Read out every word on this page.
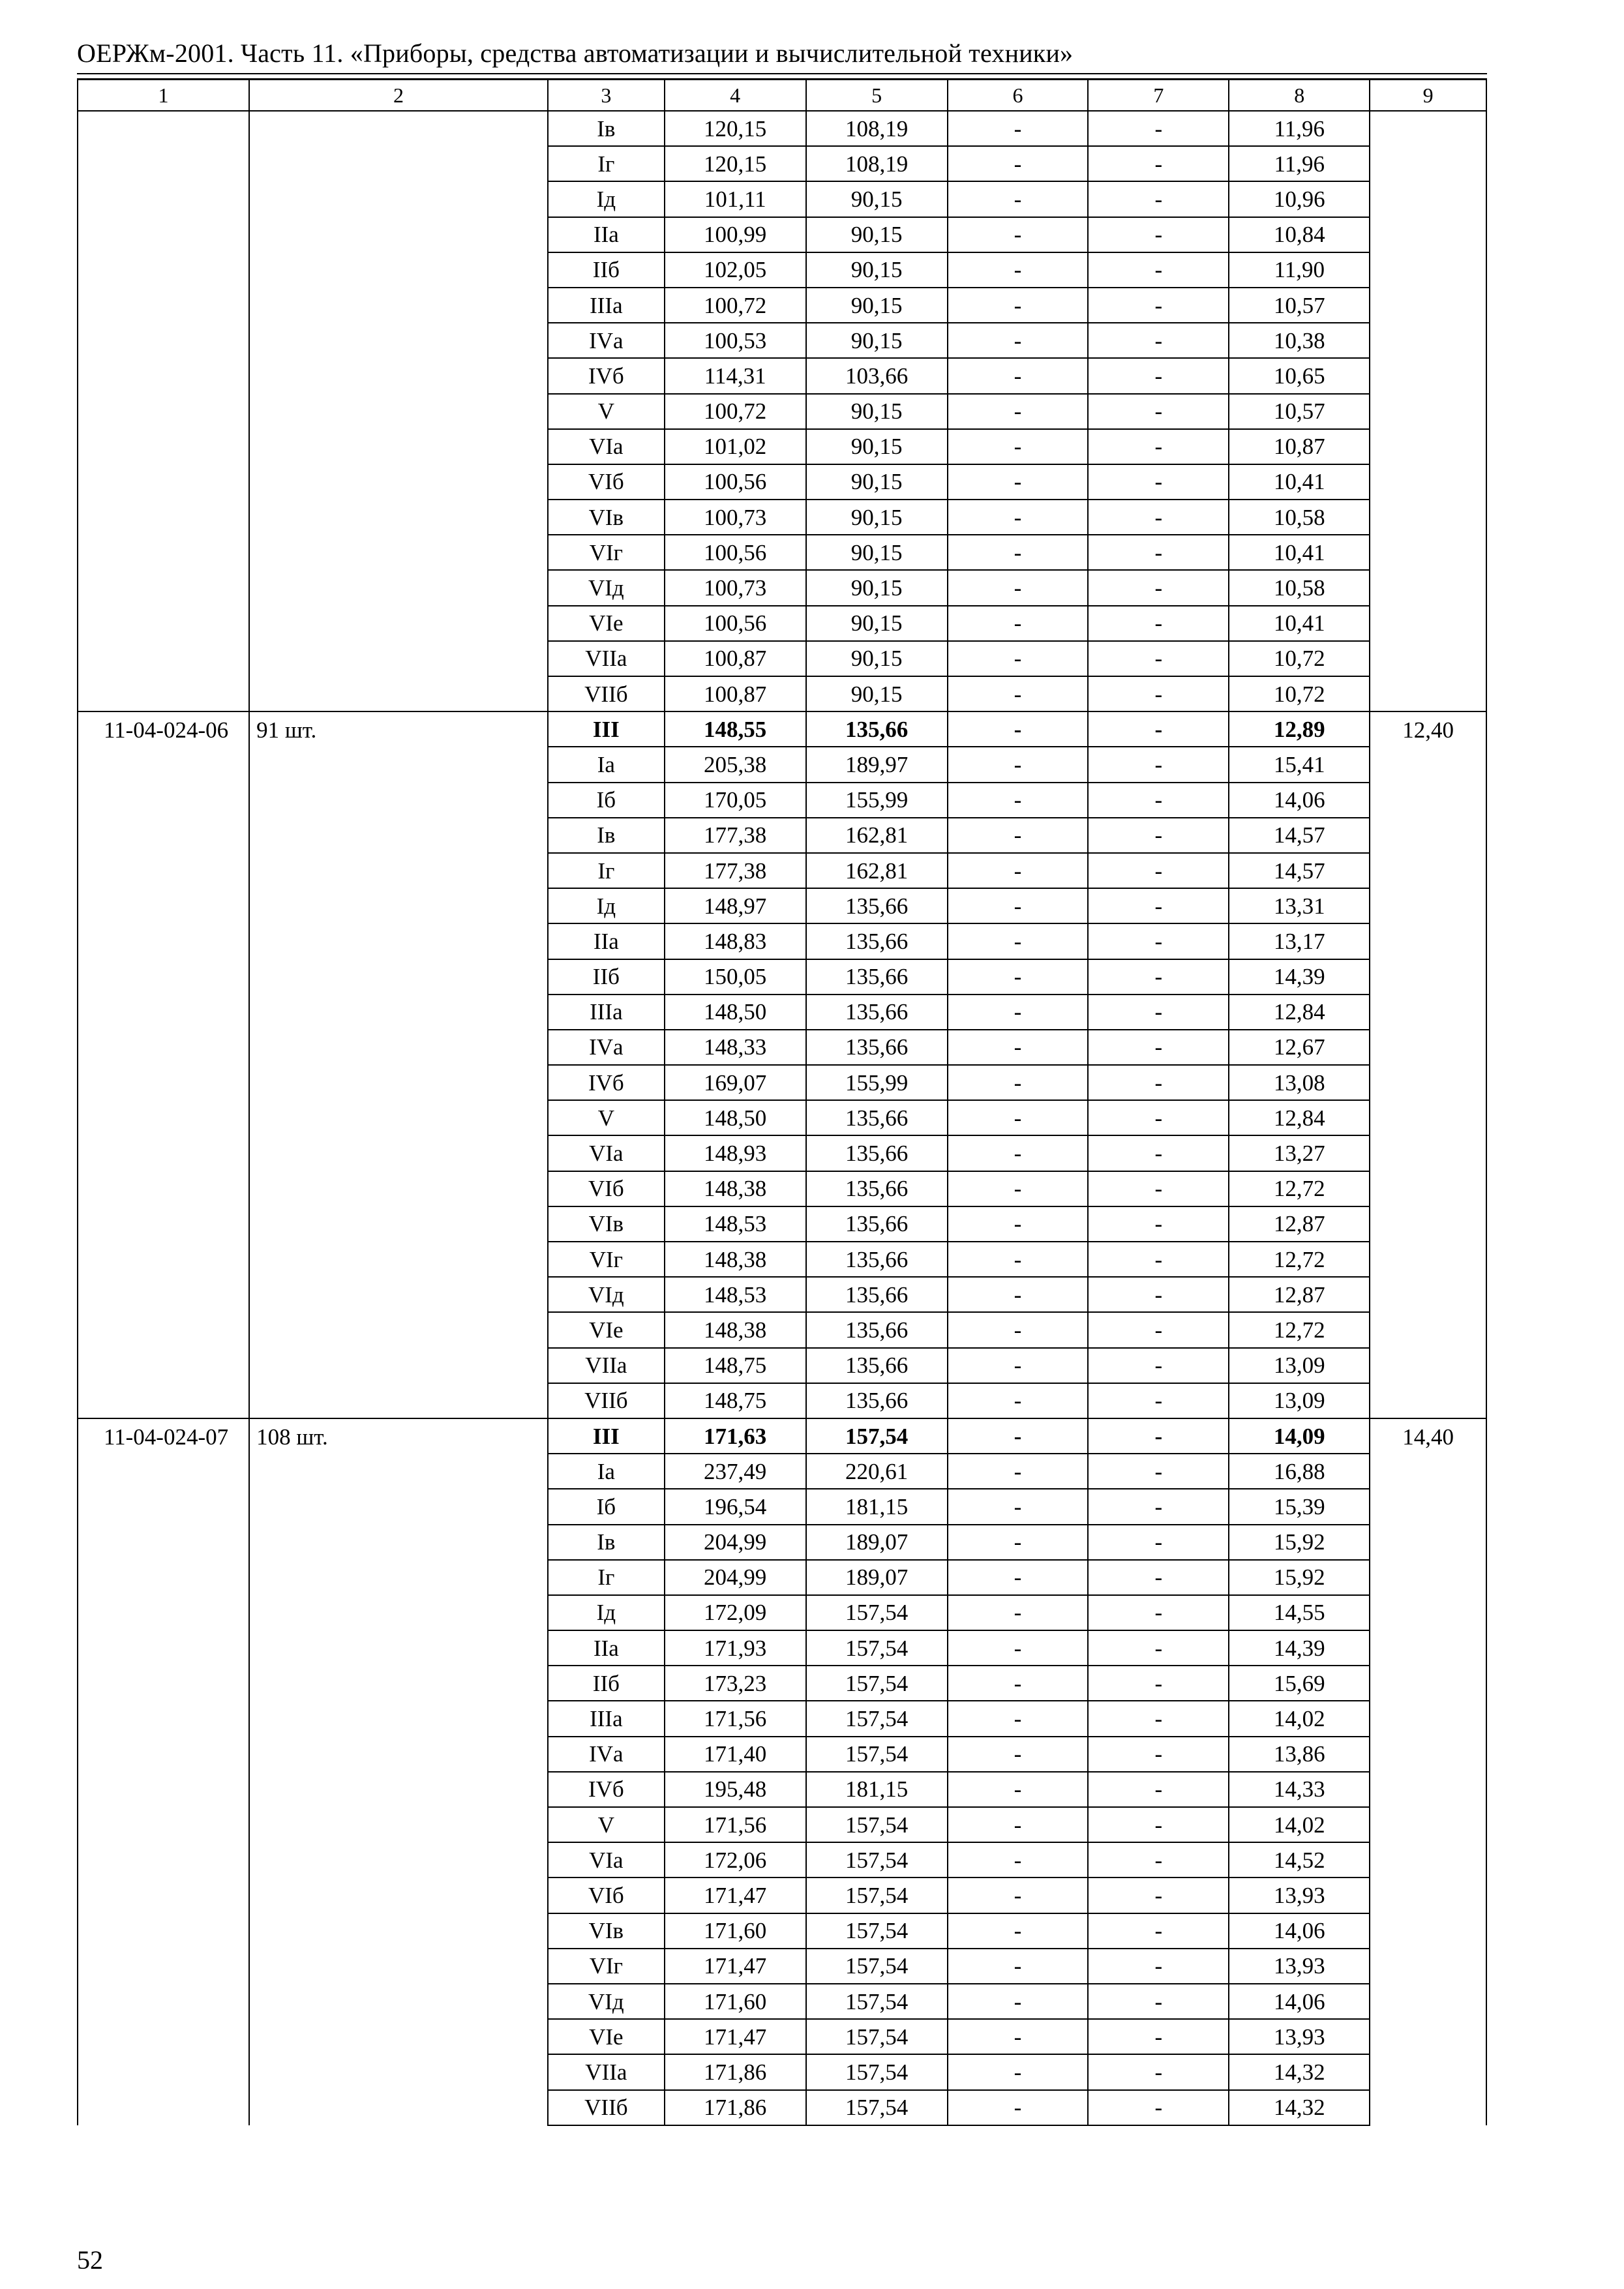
ОЕРЖм-2001. Часть 11. «Приборы, средства автоматизации и вычислительной техники»
1	2	3	4	5	6	7	8	9
		Iв	120,15	108,19	-	-	11,96	
		Iг	120,15	108,19	-	-	11,96	
		Iд	101,11	90,15	-	-	10,96	
		IIа	100,99	90,15	-	-	10,84	
		IIб	102,05	90,15	-	-	11,90	
		IIIа	100,72	90,15	-	-	10,57	
		IVа	100,53	90,15	-	-	10,38	
		IVб	114,31	103,66	-	-	10,65	
		V	100,72	90,15	-	-	10,57	
		VIа	101,02	90,15	-	-	10,87	
		VIб	100,56	90,15	-	-	10,41	
		VIв	100,73	90,15	-	-	10,58	
		VIг	100,56	90,15	-	-	10,41	
		VIд	100,73	90,15	-	-	10,58	
		VIе	100,56	90,15	-	-	10,41	
		VIIа	100,87	90,15	-	-	10,72	
		VIIб	100,87	90,15	-	-	10,72	
11-04-024-06	91 шт.	III	148,55	135,66	-	-	12,89	12,40
		Iа	205,38	189,97	-	-	15,41	
		Iб	170,05	155,99	-	-	14,06	
		Iв	177,38	162,81	-	-	14,57	
		Iг	177,38	162,81	-	-	14,57	
		Iд	148,97	135,66	-	-	13,31	
		IIа	148,83	135,66	-	-	13,17	
		IIб	150,05	135,66	-	-	14,39	
		IIIа	148,50	135,66	-	-	12,84	
		IVа	148,33	135,66	-	-	12,67	
		IVб	169,07	155,99	-	-	13,08	
		V	148,50	135,66	-	-	12,84	
		VIа	148,93	135,66	-	-	13,27	
		VIб	148,38	135,66	-	-	12,72	
		VIв	148,53	135,66	-	-	12,87	
		VIг	148,38	135,66	-	-	12,72	
		VIд	148,53	135,66	-	-	12,87	
		VIе	148,38	135,66	-	-	12,72	
		VIIа	148,75	135,66	-	-	13,09	
		VIIб	148,75	135,66	-	-	13,09	
11-04-024-07	108 шт.	III	171,63	157,54	-	-	14,09	14,40
		Iа	237,49	220,61	-	-	16,88	
		Iб	196,54	181,15	-	-	15,39	
		Iв	204,99	189,07	-	-	15,92	
		Iг	204,99	189,07	-	-	15,92	
		Iд	172,09	157,54	-	-	14,55	
		IIа	171,93	157,54	-	-	14,39	
		IIб	173,23	157,54	-	-	15,69	
		IIIа	171,56	157,54	-	-	14,02	
		IVа	171,40	157,54	-	-	13,86	
		IVб	195,48	181,15	-	-	14,33	
		V	171,56	157,54	-	-	14,02	
		VIа	172,06	157,54	-	-	14,52	
		VIб	171,47	157,54	-	-	13,93	
		VIв	171,60	157,54	-	-	14,06	
		VIг	171,47	157,54	-	-	13,93	
		VIд	171,60	157,54	-	-	14,06	
		VIе	171,47	157,54	-	-	13,93	
		VIIа	171,86	157,54	-	-	14,32	
		VIIб	171,86	157,54	-	-	14,32	
52
